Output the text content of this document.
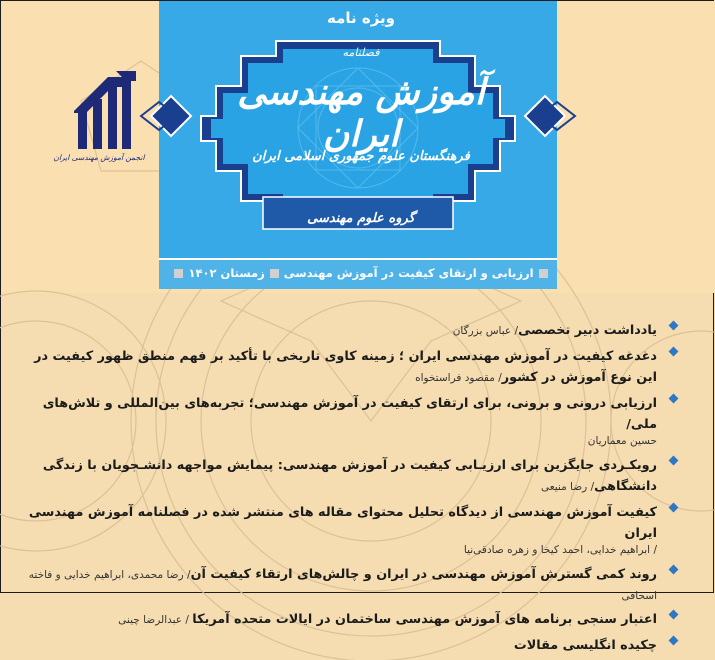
ویژه نامه
فصلنامه
آموزش مهندسی ایران
فرهنگستان علوم جمهوری اسلامی ایران
گروه علوم مهندسی
ارزیابی و ارتقای کیفیت در آموزش مهندسی
زمستان ۱۴۰۲
انجمن آموزش مهندسی ایران
یادداشت دبیر تخصصی/ عباس بزرگان
دغدغه کیفیت در آموزش مهندسی ایران ؛ زمینه کاوی تاریخی با تأکید بر فهم منطق ظهور کیفیت در این نوع آموزش در کشور/ مقصود فراستخواه
ارزیابی درونی و برونی، برای ارتقای کیفیت در آموزش مهندسی؛ تجربه‌های بین‌المللی و تلاش‌های ملی/
حسین معماریان
رویکـردی جایگزین برای ارزیـابی کیفیت در آموزش مهندسی: پیمایش مواجهه دانشـجویان با زندگی دانشگاهی/ رضا منیعی
کیفیت آموزش مهندسی از دیدگاه تحلیل محتوای مقاله های منتشر شده در فصلنامه آموزش مهندسی ایران
/ ابراهیم خدایی، احمد کیخا و زهره صادقی‌نیا
روند کمی گسترش آموزش مهندسی در ایران و چالش‌های ارتقاء کیفیت آن/ رضا محمدی، ابراهیم خدایی و فاخته اسحاقی
اعتبار سنجی برنامه های آموزش مهندسی ساختمان در ایالات متحده آمریکا / عبدالرضا چینی
چکیده انگلیسی مقالات
